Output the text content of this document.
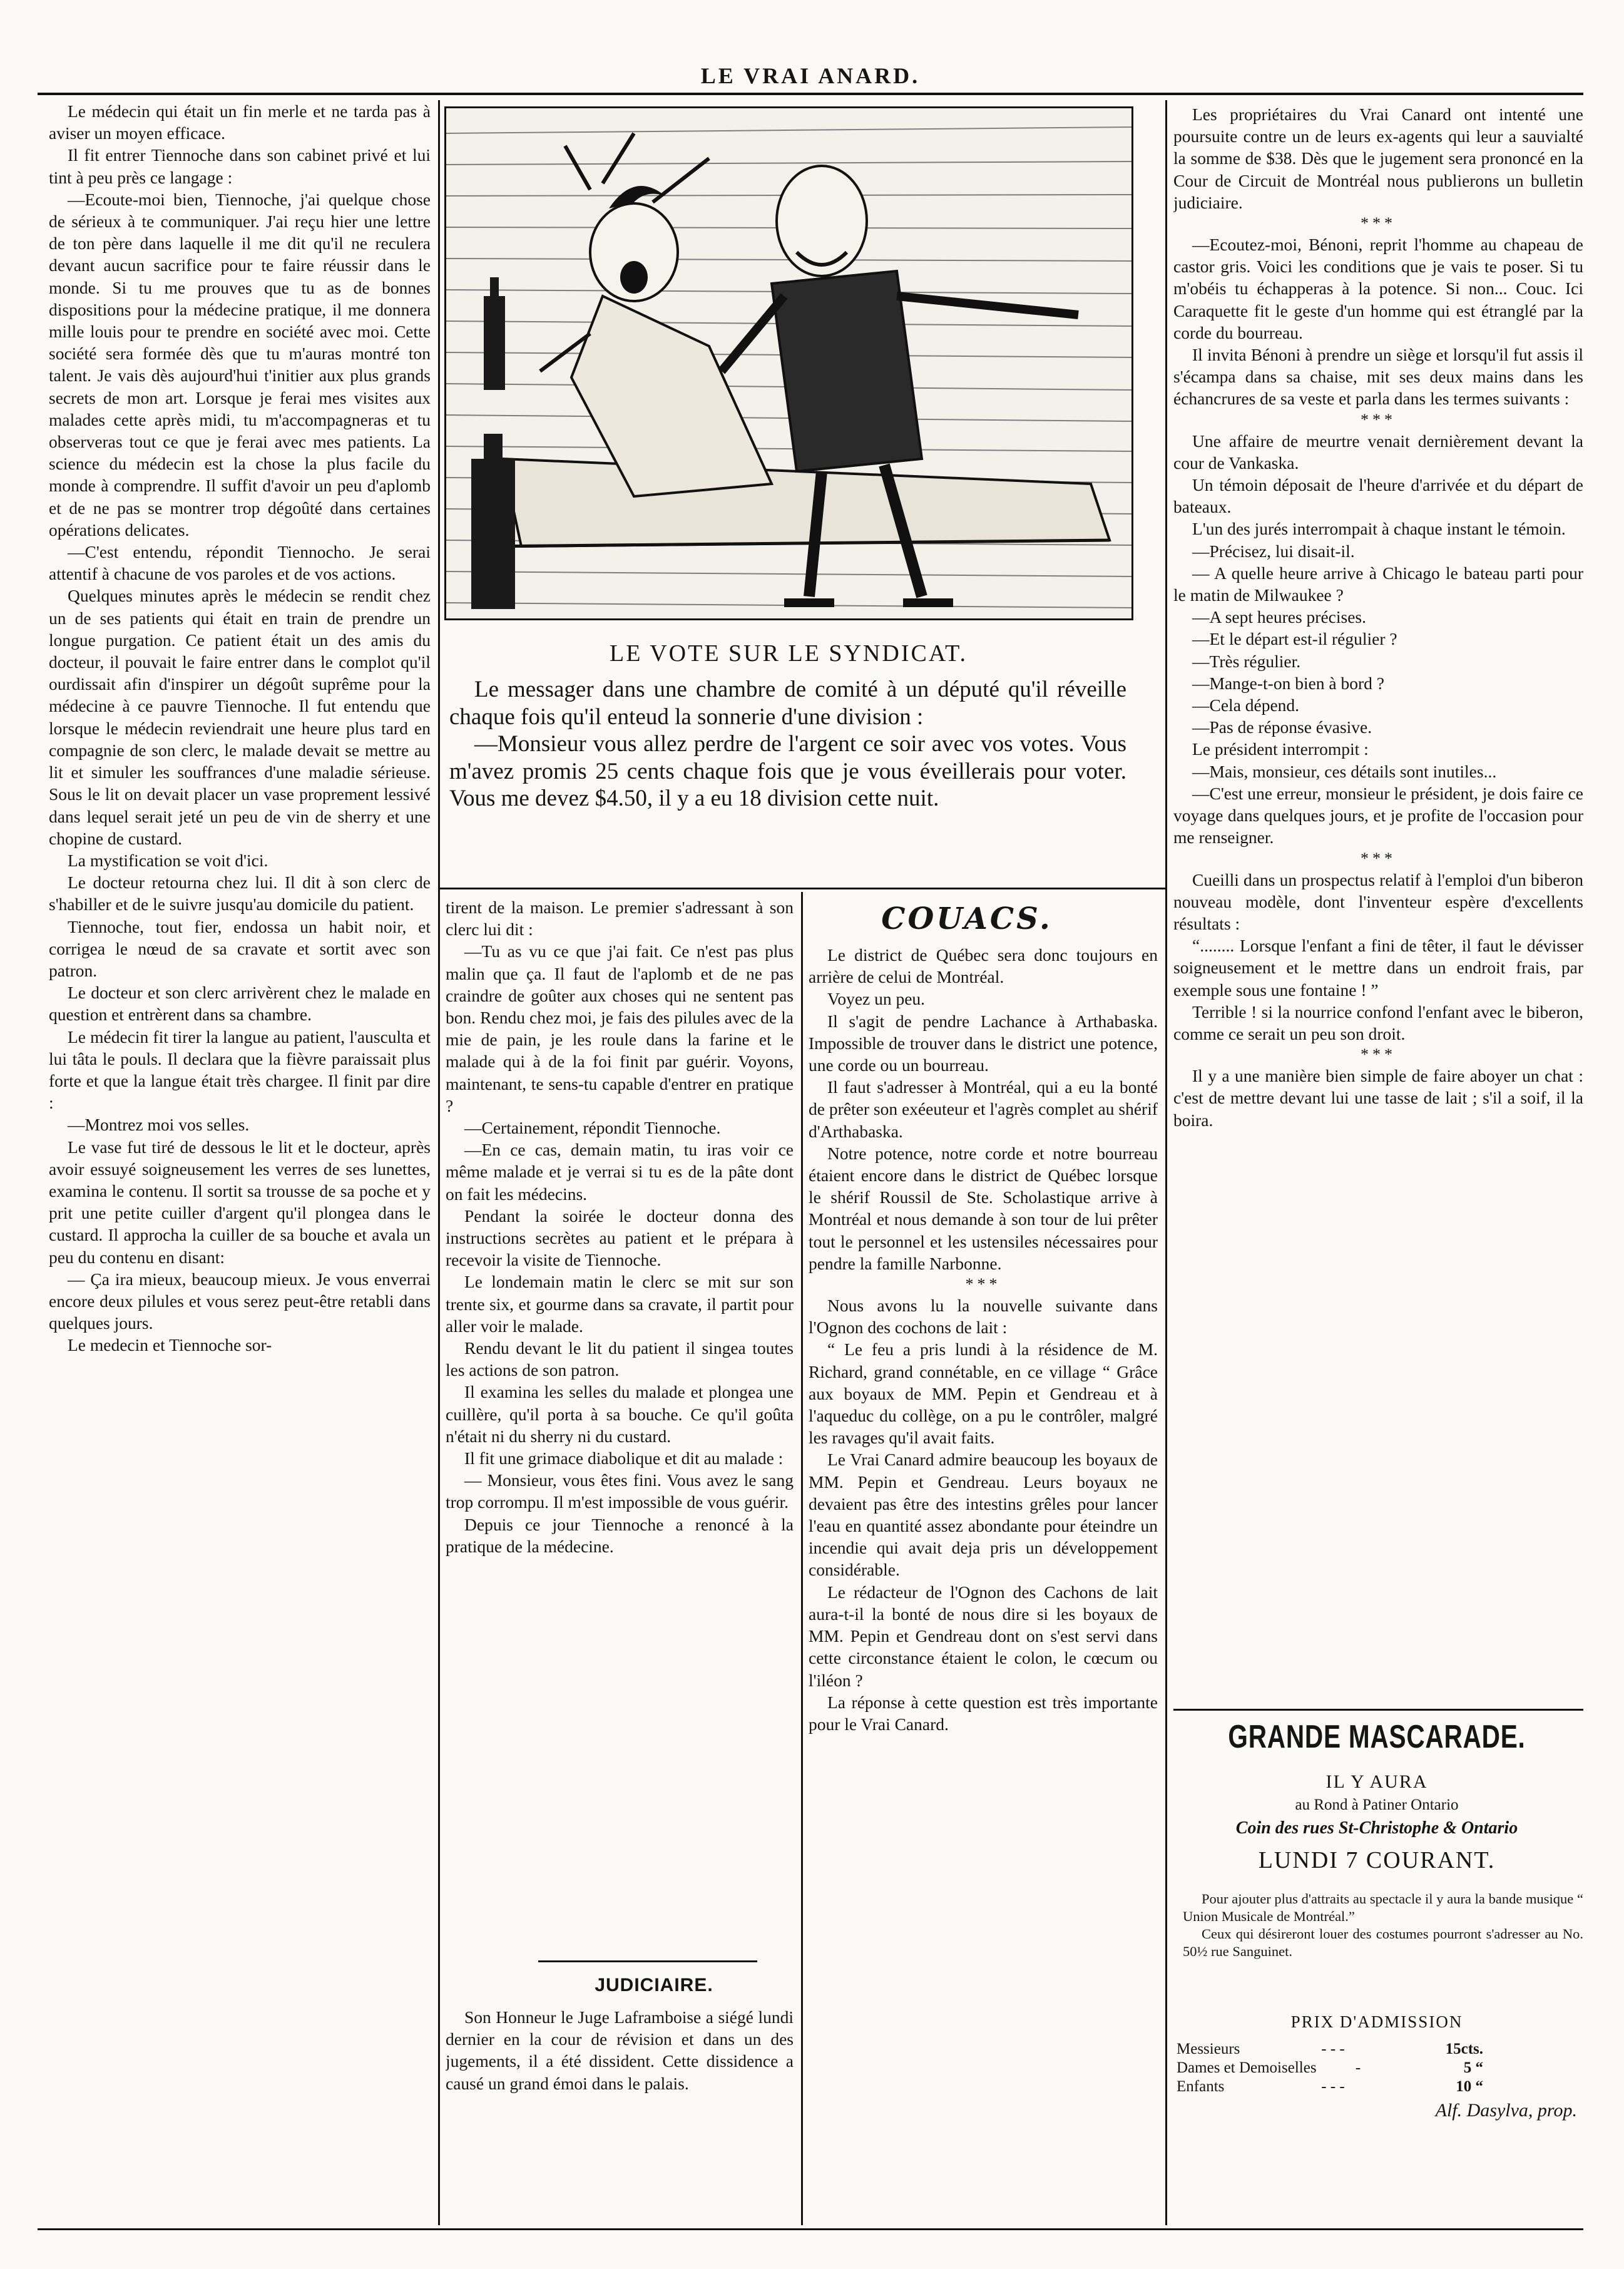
LE VRAI ANARD.

Le médecin qui était un fin merle et ne tarda pas à aviser un moyen efficace.

Il fit entrer Tiennoche dans son cabinet privé et lui tint à peu près ce langage :

—Ecoute-moi bien, Tiennoche, j'ai quelque chose de sérieux à te communiquer. J'ai reçu hier une lettre de ton père dans laquelle il me dit qu'il ne reculera devant aucun sacrifice pour te faire réussir dans le monde. Si tu me prouves que tu as de bonnes dispositions pour la médecine pratique, il me donnera mille louis pour te prendre en société avec moi. Cette société sera formée dès que tu m'auras montré ton talent. Je vais dès aujourd'hui t'initier aux plus grands secrets de mon art. Lorsque je ferai mes visites aux malades cette après midi, tu m'accompagneras et tu observeras tout ce que je ferai avec mes patients. La science du médecin est la chose la plus facile du monde à comprendre. Il suffit d'avoir un peu d'aplomb et de ne pas se montrer trop dégoûté dans certaines opérations delicates.

—C'est entendu, répondit Tiennocho. Je serai attentif à chacune de vos paroles et de vos actions.

Quelques minutes après le médecin se rendit chez un de ses patients qui était en train de prendre un longue purgation. Ce patient était un des amis du docteur, il pouvait le faire entrer dans le complot qu'il ourdissait afin d'inspirer un dégoût suprême pour la médecine à ce pauvre Tiennoche. Il fut entendu que lorsque le médecin reviendrait une heure plus tard en compagnie de son clerc, le malade devait se mettre au lit et simuler les souffrances d'une maladie sérieuse. Sous le lit on devait placer un vase proprement lessivé dans lequel serait jeté un peu de vin de sherry et une chopine de custard.

La mystification se voit d'ici.

Le docteur retourna chez lui. Il dit à son clerc de s'habiller et de le suivre jusqu'au domicile du patient.

Tiennoche, tout fier, endossa un habit noir, et corrigea le nœud de sa cravate et sortit avec son patron.

Le docteur et son clerc arrivèrent chez le malade en question et entrèrent dans sa chambre.

Le médecin fit tirer la langue au patient, l'ausculta et lui tâta le pouls. Il declara que la fièvre paraissait plus forte et que la langue était très chargee. Il finit par dire :

—Montrez moi vos selles.

Le vase fut tiré de dessous le lit et le docteur, après avoir essuyé soigneusement les verres de ses lunettes, examina le contenu. Il sortit sa trousse de sa poche et y prit une petite cuiller d'argent qu'il plongea dans le custard. Il approcha la cuiller de sa bouche et avala un peu du contenu en disant:

— Ça ira mieux, beaucoup mieux. Je vous enverrai encore deux pilules et vous serez peut-être retabli dans quelques jours.

Le medecin et Tiennoche sor-

LE VOTE SUR LE SYNDICAT.

Le messager dans une chambre de comité à un député qu'il réveille chaque fois qu'il enteud la sonnerie d'une division :

—Monsieur vous allez perdre de l'argent ce soir avec vos votes. Vous m'avez promis 25 cents chaque fois que je vous éveillerais pour voter. Vous me devez $4.50, il y a eu 18 division cette nuit.

tirent de la maison. Le premier s'adressant à son clerc lui dit :

—Tu as vu ce que j'ai fait. Ce n'est pas plus malin que ça. Il faut de l'aplomb et de ne pas craindre de goûter aux choses qui ne sentent pas bon. Rendu chez moi, je fais des pilules avec de la mie de pain, je les roule dans la farine et le malade qui à de la foi finit par guérir. Voyons, maintenant, te sens-tu capable d'entrer en pratique ?

—Certainement, répondit Tiennoche.

—En ce cas, demain matin, tu iras voir ce même malade et je verrai si tu es de la pâte dont on fait les médecins.

Pendant la soirée le docteur donna des instructions secrètes au patient et le prépara à recevoir la visite de Tiennoche.

Le londemain matin le clerc se mit sur son trente six, et gourme dans sa cravate, il partit pour aller voir le malade.

Rendu devant le lit du patient il singea toutes les actions de son patron.

Il examina les selles du malade et plongea une cuillère, qu'il porta à sa bouche. Ce qu'il goûta n'était ni du sherry ni du custard.

Il fit une grimace diabolique et dit au malade :

— Monsieur, vous êtes fini. Vous avez le sang trop corrompu. Il m'est impossible de vous guérir.

Depuis ce jour Tiennoche a renoncé à la pratique de la médecine.

JUDICIAIRE.

Son Honneur le Juge Laframboise a siégé lundi dernier en la cour de révision et dans un des jugements, il a été dissident. Cette dissidence a causé un grand émoi dans le palais.

COUACS.

Le district de Québec sera donc toujours en arrière de celui de Montréal.

Voyez un peu.

Il s'agit de pendre Lachance à Arthabaska. Impossible de trouver dans le district une potence, une corde ou un bourreau.

Il faut s'adresser à Montréal, qui a eu la bonté de prêter son exéeuteur et l'agrès complet au shérif d'Arthabaska.

Notre potence, notre corde et notre bourreau étaient encore dans le district de Québec lorsque le shérif Roussil de Ste. Scholastique arrive à Montréal et nous demande à son tour de lui prêter tout le personnel et les ustensiles nécessaires pour pendre la famille Narbonne.

***

Nous avons lu la nouvelle suivante dans l'Ognon des cochons de lait :

“ Le feu a pris lundi à la résidence de M. Richard, grand connétable, en ce village “ Grâce aux boyaux de MM. Pepin et Gendreau et à l'aqueduc du collège, on a pu le contrôler, malgré les ravages qu'il avait faits.

Le Vrai Canard admire beaucoup les boyaux de MM. Pepin et Gendreau. Leurs boyaux ne devaient pas être des intestins grêles pour lancer l'eau en quantité assez abondante pour éteindre un incendie qui avait deja pris un développement considérable.

Le rédacteur de l'Ognon des Cachons de lait aura-t-il la bonté de nous dire si les boyaux de MM. Pepin et Gendreau dont on s'est servi dans cette circonstance étaient le colon, le cœcum ou l'iléon ?

La réponse à cette question est très importante pour le Vrai Canard.

Les propriétaires du Vrai Canard ont intenté une poursuite contre un de leurs ex-agents qui leur a sauvialté la somme de $38. Dès que le jugement sera prononcé en la Cour de Circuit de Montréal nous publierons un bulletin judiciaire.

***

—Ecoutez-moi, Bénoni, reprit l'homme au chapeau de castor gris. Voici les conditions que je vais te poser. Si tu m'obéis tu échapperas à la potence. Si non... Couc. Ici Caraquette fit le geste d'un homme qui est étranglé par la corde du bourreau.

Il invita Bénoni à prendre un siège et lorsqu'il fut assis il s'écampa dans sa chaise, mit ses deux mains dans les échancrures de sa veste et parla dans les termes suivants :

***

Une affaire de meurtre venait dernièrement devant la cour de Vankaska.

Un témoin déposait de l'heure d'arrivée et du départ de bateaux.

L'un des jurés interrompait à chaque instant le témoin.

—Précisez, lui disait-il.

— A quelle heure arrive à Chicago le bateau parti pour le matin de Milwaukee ?

—A sept heures précises.

—Et le départ est-il régulier ?

—Très régulier.

—Mange-t-on bien à bord ?

—Cela dépend.

—Pas de réponse évasive.

Le président interrompit :

—Mais, monsieur, ces détails sont inutiles...

—C'est une erreur, monsieur le président, je dois faire ce voyage dans quelques jours, et je profite de l'occasion pour me renseigner.

***

Cueilli dans un prospectus relatif à l'emploi d'un biberon nouveau modèle, dont l'inventeur espère d'excellents résultats :

“........ Lorsque l'enfant a fini de têter, il faut le dévisser soigneusement et le mettre dans un endroit frais, par exemple sous une fontaine ! ”

Terrible ! si la nourrice confond l'enfant avec le biberon, comme ce serait un peu son droit.

***

Il y a une manière bien simple de faire aboyer un chat : c'est de mettre devant lui une tasse de lait ; s'il a soif, il la boira.

GRANDE MASCARADE.
IL Y AURA
au Rond à Patiner Ontario
Coin des rues St-Christophe & Ontario
LUNDI 7 COURANT.

Pour ajouter plus d'attraits au spectacle il y aura la bande musique “ Union Musicale de Montréal.”

Ceux qui désireront louer des costumes pourront s'adresser au No. 50½ rue Sanguinet.

PRIX D'ADMISSION
Messieurs	- - -	15cts.
Dames et Demoiselles	-	5 “
Enfants	- - -	10 “
Alf. Dasylva, prop.
